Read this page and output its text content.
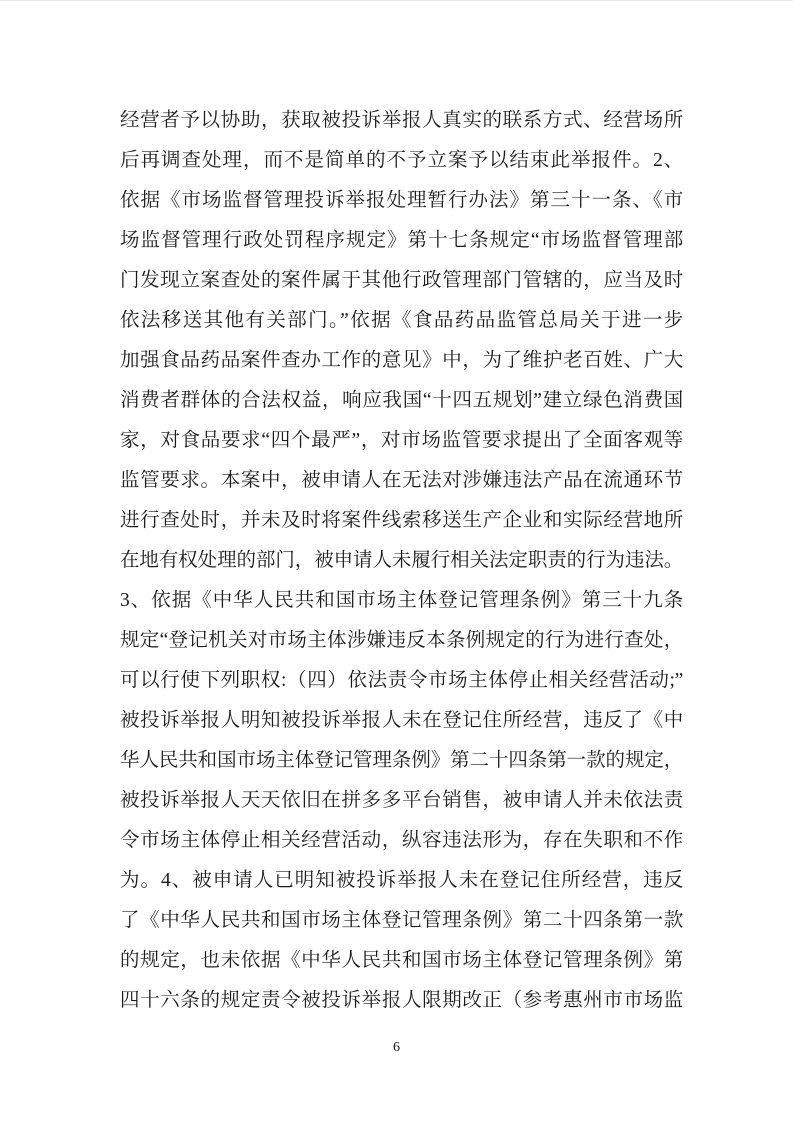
经营者予以协助，获取被投诉举报人真实的联系方式、经营场所
后再调查处理，而不是简单的不予立案予以结束此举报件。2、
依据《市场监督管理投诉举报处理暂行办法》第三十一条、《市
场监督管理行政处罚程序规定》第十七条规定“市场监督管理部
门发现立案查处的案件属于其他行政管理部门管辖的，应当及时
依法移送其他有关部门。”依据《食品药品监管总局关于进一步
加强食品药品案件查办工作的意见》中，为了维护老百姓、广大
消费者群体的合法权益，响应我国“十四五规划”建立绿色消费国
家，对食品要求“四个最严”，对市场监管要求提出了全面客观等
监管要求。本案中，被申请人在无法对涉嫌违法产品在流通环节
进行查处时，并未及时将案件线索移送生产企业和实际经营地所
在地有权处理的部门，被申请人未履行相关法定职责的行为违法。
3、依据《中华人民共和国市场主体登记管理条例》第三十九条
规定“登记机关对市场主体涉嫌违反本条例规定的行为进行查处，
可以行使下列职权:（四）依法责令市场主体停止相关经营活动;”
被投诉举报人明知被投诉举报人未在登记住所经营，违反了《中
华人民共和国市场主体登记管理条例》第二十四条第一款的规定，
被投诉举报人天天依旧在拼多多平台销售，被申请人并未依法责
令市场主体停止相关经营活动，纵容违法形为，存在失职和不作
为。4、被申请人已明知被投诉举报人未在登记住所经营，违反
了《中华人民共和国市场主体登记管理条例》第二十四条第一款
的规定，也未依据《中华人民共和国市场主体登记管理条例》第
四十六条的规定责令被投诉举报人限期改正（参考惠州市市场监
6
